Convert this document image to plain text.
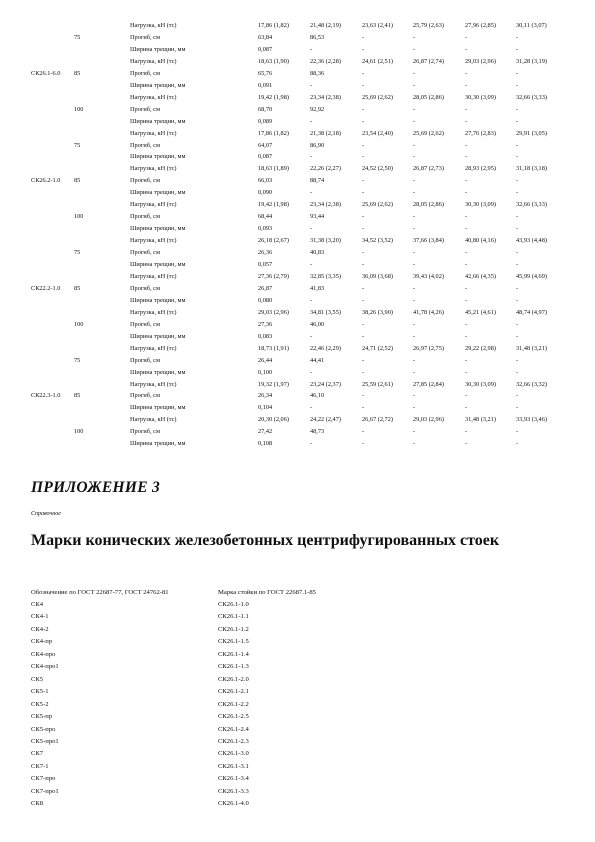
Нагрузка, кН (тс)	17,86 (1,82)	21,48 (2,19)	23,63 (2,41)	25,79 (2,63)	27,96 (2,85)	30,11 (3,07)
75	Прогиб, см	63,84	86,53	-	-	-	-
Ширина трещин, мм	0,087	-	-	-	-	-
Нагрузка, кН (тс)	18,63 (1,90)	22,36 (2,28)	24,61 (2,51)	26,87 (2,74)	29,03 (2,96)	31,28 (3,19)
СК26.1-6.0 85	Прогиб, см	65,76	88,36	-	-	-	-
Ширина трещин, мм	0,091	-	-	-	-	-
Нагрузка, кН (тс)	19,42 (1,98)	23,34 (2,38)	25,69 (2,62)	28,05 (2,86)	30,30 (3,09)	32,66 (3,33)
100	Прогиб, см	68,70	92,92	-	-	-	-
Ширина трещин, мм	0,089	-	-	-	-	-
Нагрузка, кН (тс)	17,86 (1,82)	21,38 (2,18)	23,54 (2,40)	25,69 (2,62)	27,76 (2,83)	29,91 (3,05)
75	Прогиб, см	64,07	86,90	-	-	-	-
Ширина трещин, мм	0,087	-	-	-	-	-
Нагрузка, кН (тс)	18,63 (1,89)	22,26 (2,27)	24,52 (2,50)	26,87 (2,73)	28,93 (2,95)	31,18 (3,18)
СК26.2-1.0 85	Прогиб, см	66,03	88,74	-	-	-	-
Ширина трещин, мм	0,090	-	-	-	-	-
Нагрузка, кН (тс)	19,42 (1,98)	23,34 (2,38)	25,69 (2,62)	28,05 (2,86)	30,30 (3,09)	32,66 (3,33)
100	Прогиб, см	68,44	93,44	-	-	-	-
Ширина трещин, мм	0,093	-	-	-	-	-
Нагрузка, кН (тс)	26,18 (2,67)	31,38 (3,20)	34,52 (3,52)	37,66 (3,84)	40,80 (4,16)	43,93 (4,48)
75	Прогиб, см	26,36	40,83	-	-	-	-
Ширина трещин, мм	0,057	-	-	-	-	-
Нагрузка, кН (тс)	27,36 (2,79)	32,85 (3,35)	36,09 (3,68)	39,43 (4,02)	42,66 (4,35)	45,99 (4,69)
СК22.2-1.0 85	Прогиб, см	26,87	41,83	-	-	-	-
Ширина трещин, мм	0,080	-	-	-	-	-
Нагрузка, кН (тс)	29,03 (2,96)	34,81 (3,55)	38,26 (3,90)	41,78 (4,26)	45,21 (4,61)	48,74 (4,97)
100	Прогиб, см	27,36	46,00	-	-	-	-
Ширина трещин, мм	0,083	-	-	-	-	-
Нагрузка, кН (тс)	18,73 (1,91)	22,46 (2,29)	24,71 (2,52)	26,97 (2,75)	29,22 (2,98)	31,48 (3,21)
75	Прогиб, см	26,44	44,41	-	-	-	-
Ширина трещин, мм	0,100	-	-	-	-	-
Нагрузка, кН (тс)	19,32 (1,97)	23,24 (2,37)	25,59 (2,61)	27,85 (2,84)	30,30 (3,09)	32,66 (3,32)
СК22.3-1.0 85	Прогиб, см	26,34	46,10	-	-	-	-
Ширина трещин, мм	0,104	-	-	-	-	-
Нагрузка, кН (тс)	20,30 (2,06)	24,22 (2,47)	26,67 (2,72)	29,03 (2,96)	31,48 (3,21)	33,93 (3,46)
100	Прогиб, см	27,42	48,73	-	-	-	-
Ширина трещин, мм	0,108	-	-	-	-	-
ПРИЛОЖЕНИЕ 3
Справочное
Марки конических железобетонных центрифугированных стоек
Обозначение по ГОСТ 22687-77, ГОСТ 24762-81	Марка стойки по ГОСТ 22687.1-85
СК4	СК26.1-1.0
СК4-1	СК26.1-1.1
СК4-2	СК26.1-1.2
СК4-пр	СК26.1-1.5
СК4-про	СК26.1-1.4
СК4-про1	СК26.1-1.3
СК5	СК26.1-2.0
СК5-1	СК26.1-2.1
СК5-2	СК26.1-2.2
СК5-пр	СК26.1-2.5
СК5-про	СК26.1-2.4
СК5-про1	СК26.1-2.3
СК7	СК26.1-3.0
СК7-1	СК26.1-3.1
СК7-про	СК26.1-3.4
СК7-про1	СК26.1-3.3
СК8	СК26.1-4.0
